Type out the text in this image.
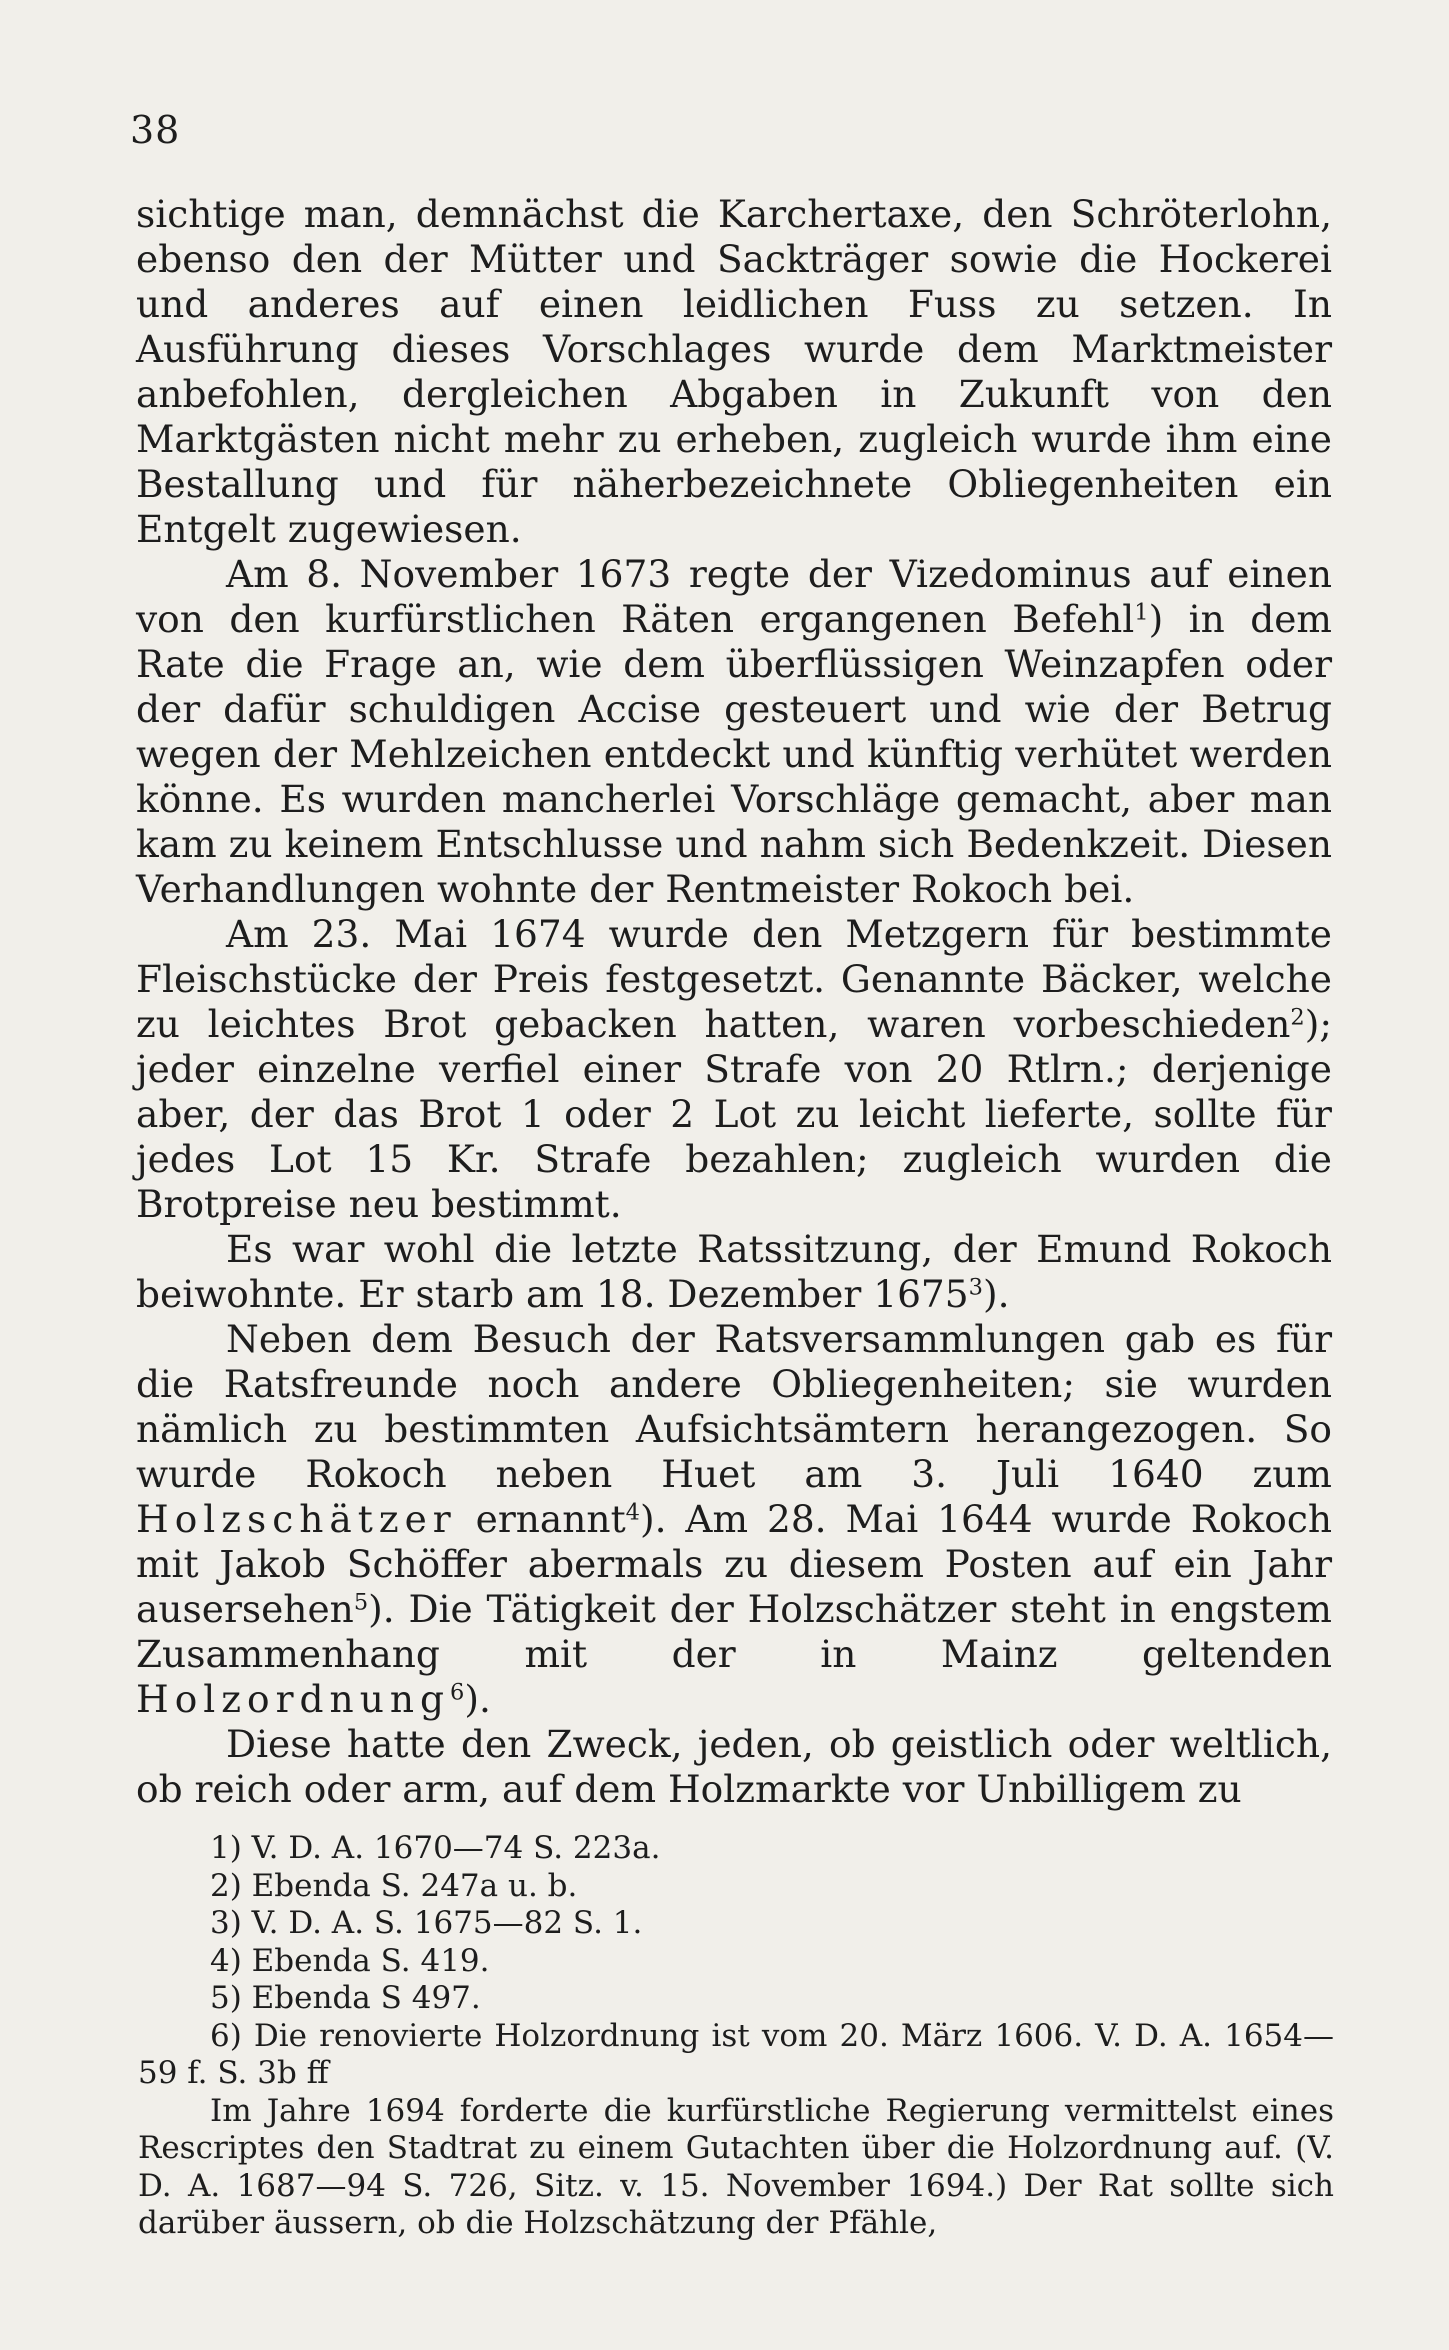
38

sichtige man, demnächst die Karchertaxe, den Schröterlohn, ebenso den der Mütter und Sackträger sowie die Hockerei und anderes auf einen leidlichen Fuss zu setzen. In Ausführung dieses Vorschlages wurde dem Marktmeister anbefohlen, dergleichen Abgaben in Zukunft von den Marktgästen nicht mehr zu erheben, zugleich wurde ihm eine Bestallung und für näherbezeichnete Obliegenheiten ein Entgelt zugewiesen.

Am 8. November 1673 regte der Vizedominus auf einen von den kurfürstlichen Räten ergangenen Befehl$^1$) in dem Rate die Frage an, wie dem überflüssigen Weinzapfen oder der dafür schuldigen Accise gesteuert und wie der Betrug wegen der Mehlzeichen entdeckt und künftig verhütet werden könne. Es wurden mancherlei Vorschläge gemacht, aber man kam zu keinem Entschlusse und nahm sich Bedenkzeit. Diesen Verhandlungen wohnte der Rentmeister Rokoch bei.

Am 23. Mai 1674 wurde den Metzgern für bestimmte Fleischstücke der Preis festgesetzt. Genannte Bäcker, welche zu leichtes Brot gebacken hatten, waren vorbeschieden$^2$); jeder einzelne verfiel einer Strafe von 20 Rtlrn.; derjenige aber, der das Brot 1 oder 2 Lot zu leicht lieferte, sollte für jedes Lot 15 Kr. Strafe bezahlen; zugleich wurden die Brotpreise neu bestimmt.

Es war wohl die letzte Ratssitzung, der Emund Rokoch beiwohnte. Er starb am 18. Dezember 1675$^3$).

Neben dem Besuch der Ratsversammlungen gab es für die Ratsfreunde noch andere Obliegenheiten; sie wurden nämlich zu bestimmten Aufsichtsämtern herangezogen. So wurde Rokoch neben Huet am 3. Juli 1640 zum Holzschätzer ernannt$^4$). Am 28. Mai 1644 wurde Rokoch mit Jakob Schöffer abermals zu diesem Posten auf ein Jahr ausersehen$^5$). Die Tätigkeit der Holzschätzer steht in engstem Zusammenhang mit der in Mainz geltenden Holzordnung$^6$).

Diese hatte den Zweck, jeden, ob geistlich oder weltlich, ob reich oder arm, auf dem Holzmarkte vor Unbilligem zu

1) V. D. A. 1670—74 S. 223a.

2) Ebenda S. 247a u. b.

3) V. D. A. S. 1675—82 S. 1.

4) Ebenda S. 419.

5) Ebenda S 497.

6) Die renovierte Holzordnung ist vom 20. März 1606. V. D. A. 1654—59 f. S. 3b ff

Im Jahre 1694 forderte die kurfürstliche Regierung vermittelst eines Rescriptes den Stadtrat zu einem Gutachten über die Holzordnung auf. (V. D. A. 1687—94 S. 726, Sitz. v. 15. November 1694.) Der Rat sollte sich darüber äussern, ob die Holzschätzung der Pfähle,
